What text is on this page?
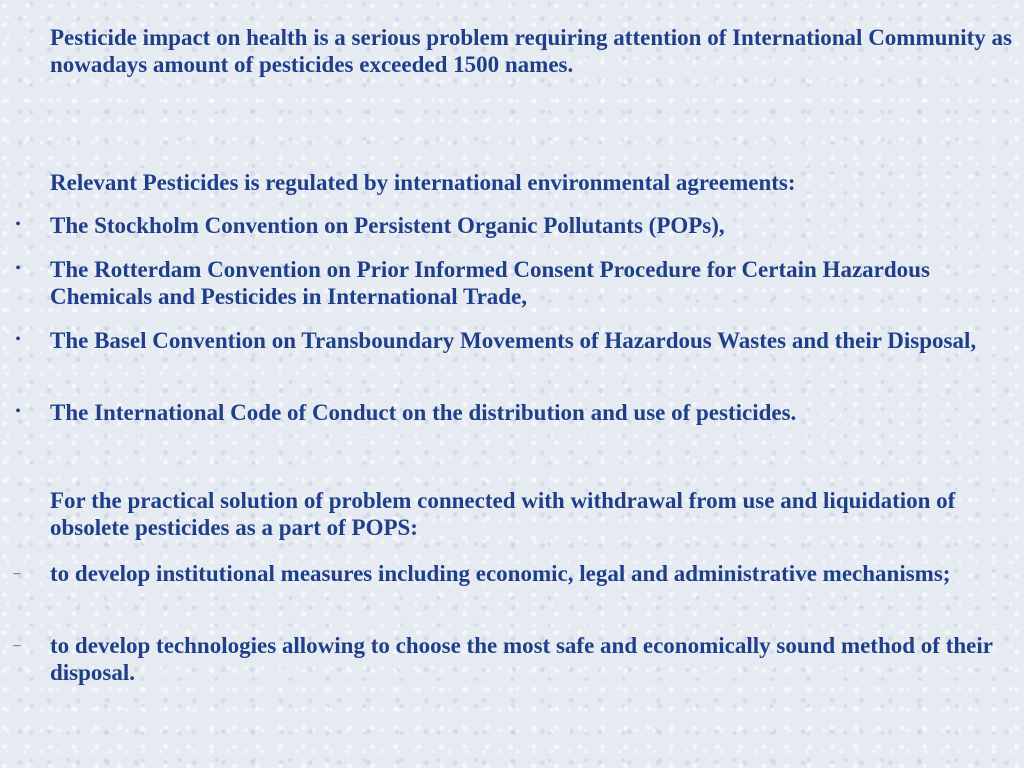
Pesticide impact on health is a serious problem requiring attention of International Community as nowadays amount of pesticides exceeded 1500 names.

Relevant Pesticides is regulated by international environmental agreements:

• The Stockholm Convention on Persistent Organic Pollutants (POPs),

• The Rotterdam Convention on Prior Informed Consent Procedure for Certain Hazardous Chemicals and Pesticides in International Trade,

• The Basel Convention on Transboundary Movements of Hazardous Wastes and their Disposal,

• The International Code of Conduct on the distribution and use of pesticides.

For the practical solution of problem connected with withdrawal from use and liquidation of obsolete pesticides as a part of POPS:

– to develop institutional measures including economic, legal and administrative mechanisms;

– to develop technologies allowing to choose the most safe and economically sound method of their disposal.
